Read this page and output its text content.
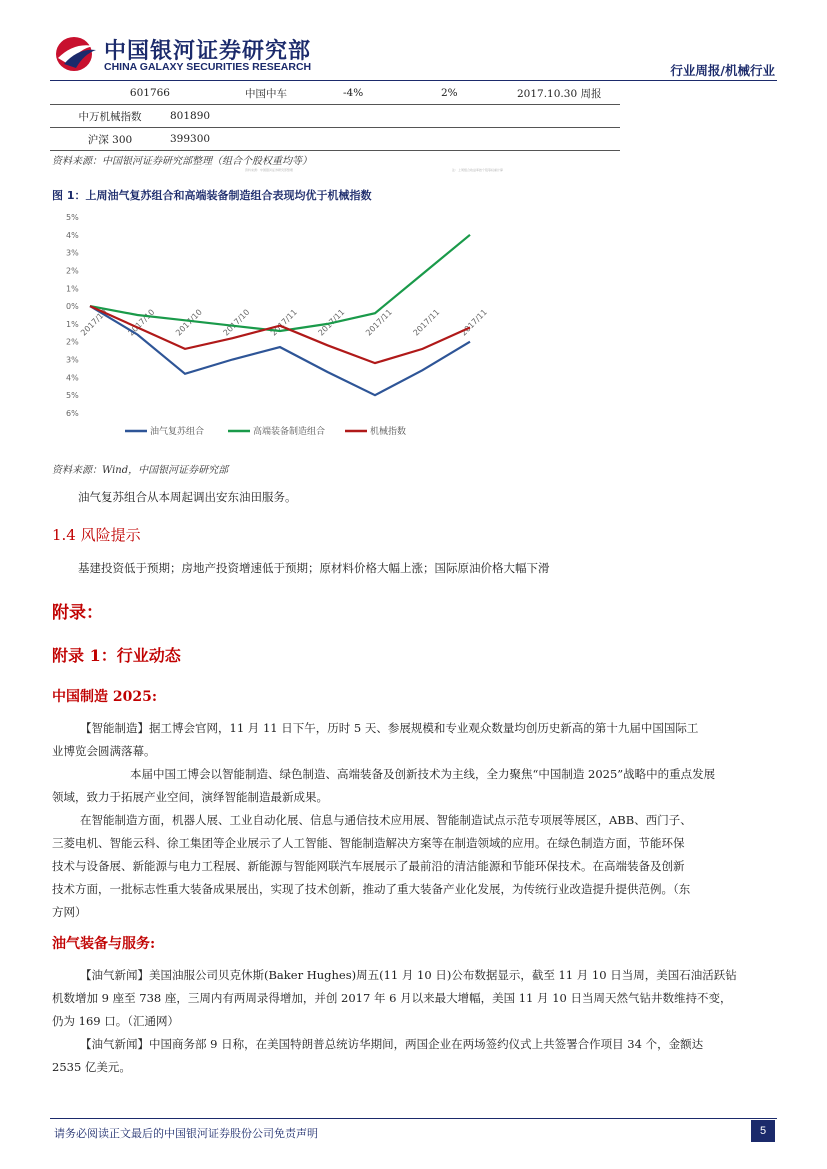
中国银河证券研究部
CHINA GALAXY SECURITIES RESEARCH	行业周报/机械行业
601766		中国中车	-4%	2%	2017.10.30 周报
中万机械指数	801890				
沪深 300	399300				
资料来源：中国银河证券研究部整理（组合个股权重均等）
资料来源：中国银河证券研究部整理	注：上周组合收益率按个股等权重计算
图 1：上周油气复苏组合和高端装备制造组合表现均优于机械指数
5%
4%
3%
2%
1%
0%
1%
2%
3%
4%
5%
6%
2017/10 2017/10 2017/10 2017/10 2017/11 2017/11 2017/11 2017/11 2017/11
油气复苏组合	高端装备制造组合	机械指数
资料来源：Wind，中国银河证券研究部
油气复苏组合从本周起调出安东油田服务。
1.4 风险提示
基建投资低于预期；房地产投资增速低于预期；原材料价格大幅上涨；国际原油价格大幅下滑
附录：
附录 1：行业动态
中国制造 2025:
【智能制造】据工博会官网，11 月 11 日下午，历时 5 天、参展规模和专业观众数量均创历史新高的第十九届中国国际工
业博览会圆满落幕。
本届中国工博会以智能制造、绿色制造、高端装备及创新技术为主线，全力聚焦“中国制造 2025”战略中的重点发展
领域，致力于拓展产业空间，演绎智能制造最新成果。
在智能制造方面，机器人展、工业自动化展、信息与通信技术应用展、智能制造试点示范专项展等展区，ABB、西门子、
三菱电机、智能云科、徐工集团等企业展示了人工智能、智能制造解决方案等在制造领域的应用。在绿色制造方面，节能环保
技术与设备展、新能源与电力工程展、新能源与智能网联汽车展展示了最前沿的清洁能源和节能环保技术。在高端装备及创新
技术方面，一批标志性重大装备成果展出，实现了技术创新，推动了重大装备产业化发展，为传统行业改造提升提供范例。（东
方网）
油气装备与服务:
【油气新闻】美国油服公司贝克休斯(Baker Hughes)周五(11 月 10 日)公布数据显示，截至 11 月 10 日当周，美国石油活跃钻
机数增加 9 座至 738 座，三周内有两周录得增加，并创 2017 年 6 月以来最大增幅，美国 11 月 10 日当周天然气钻井数维持不变，
仍为 169 口。（汇通网）
【油气新闻】中国商务部 9 日称，在美国特朗普总统访华期间，两国企业在两场签约仪式上共签署合作项目 34 个，金额达
2535 亿美元。
请务必阅读正文最后的中国银河证券股份公司免责声明	5
